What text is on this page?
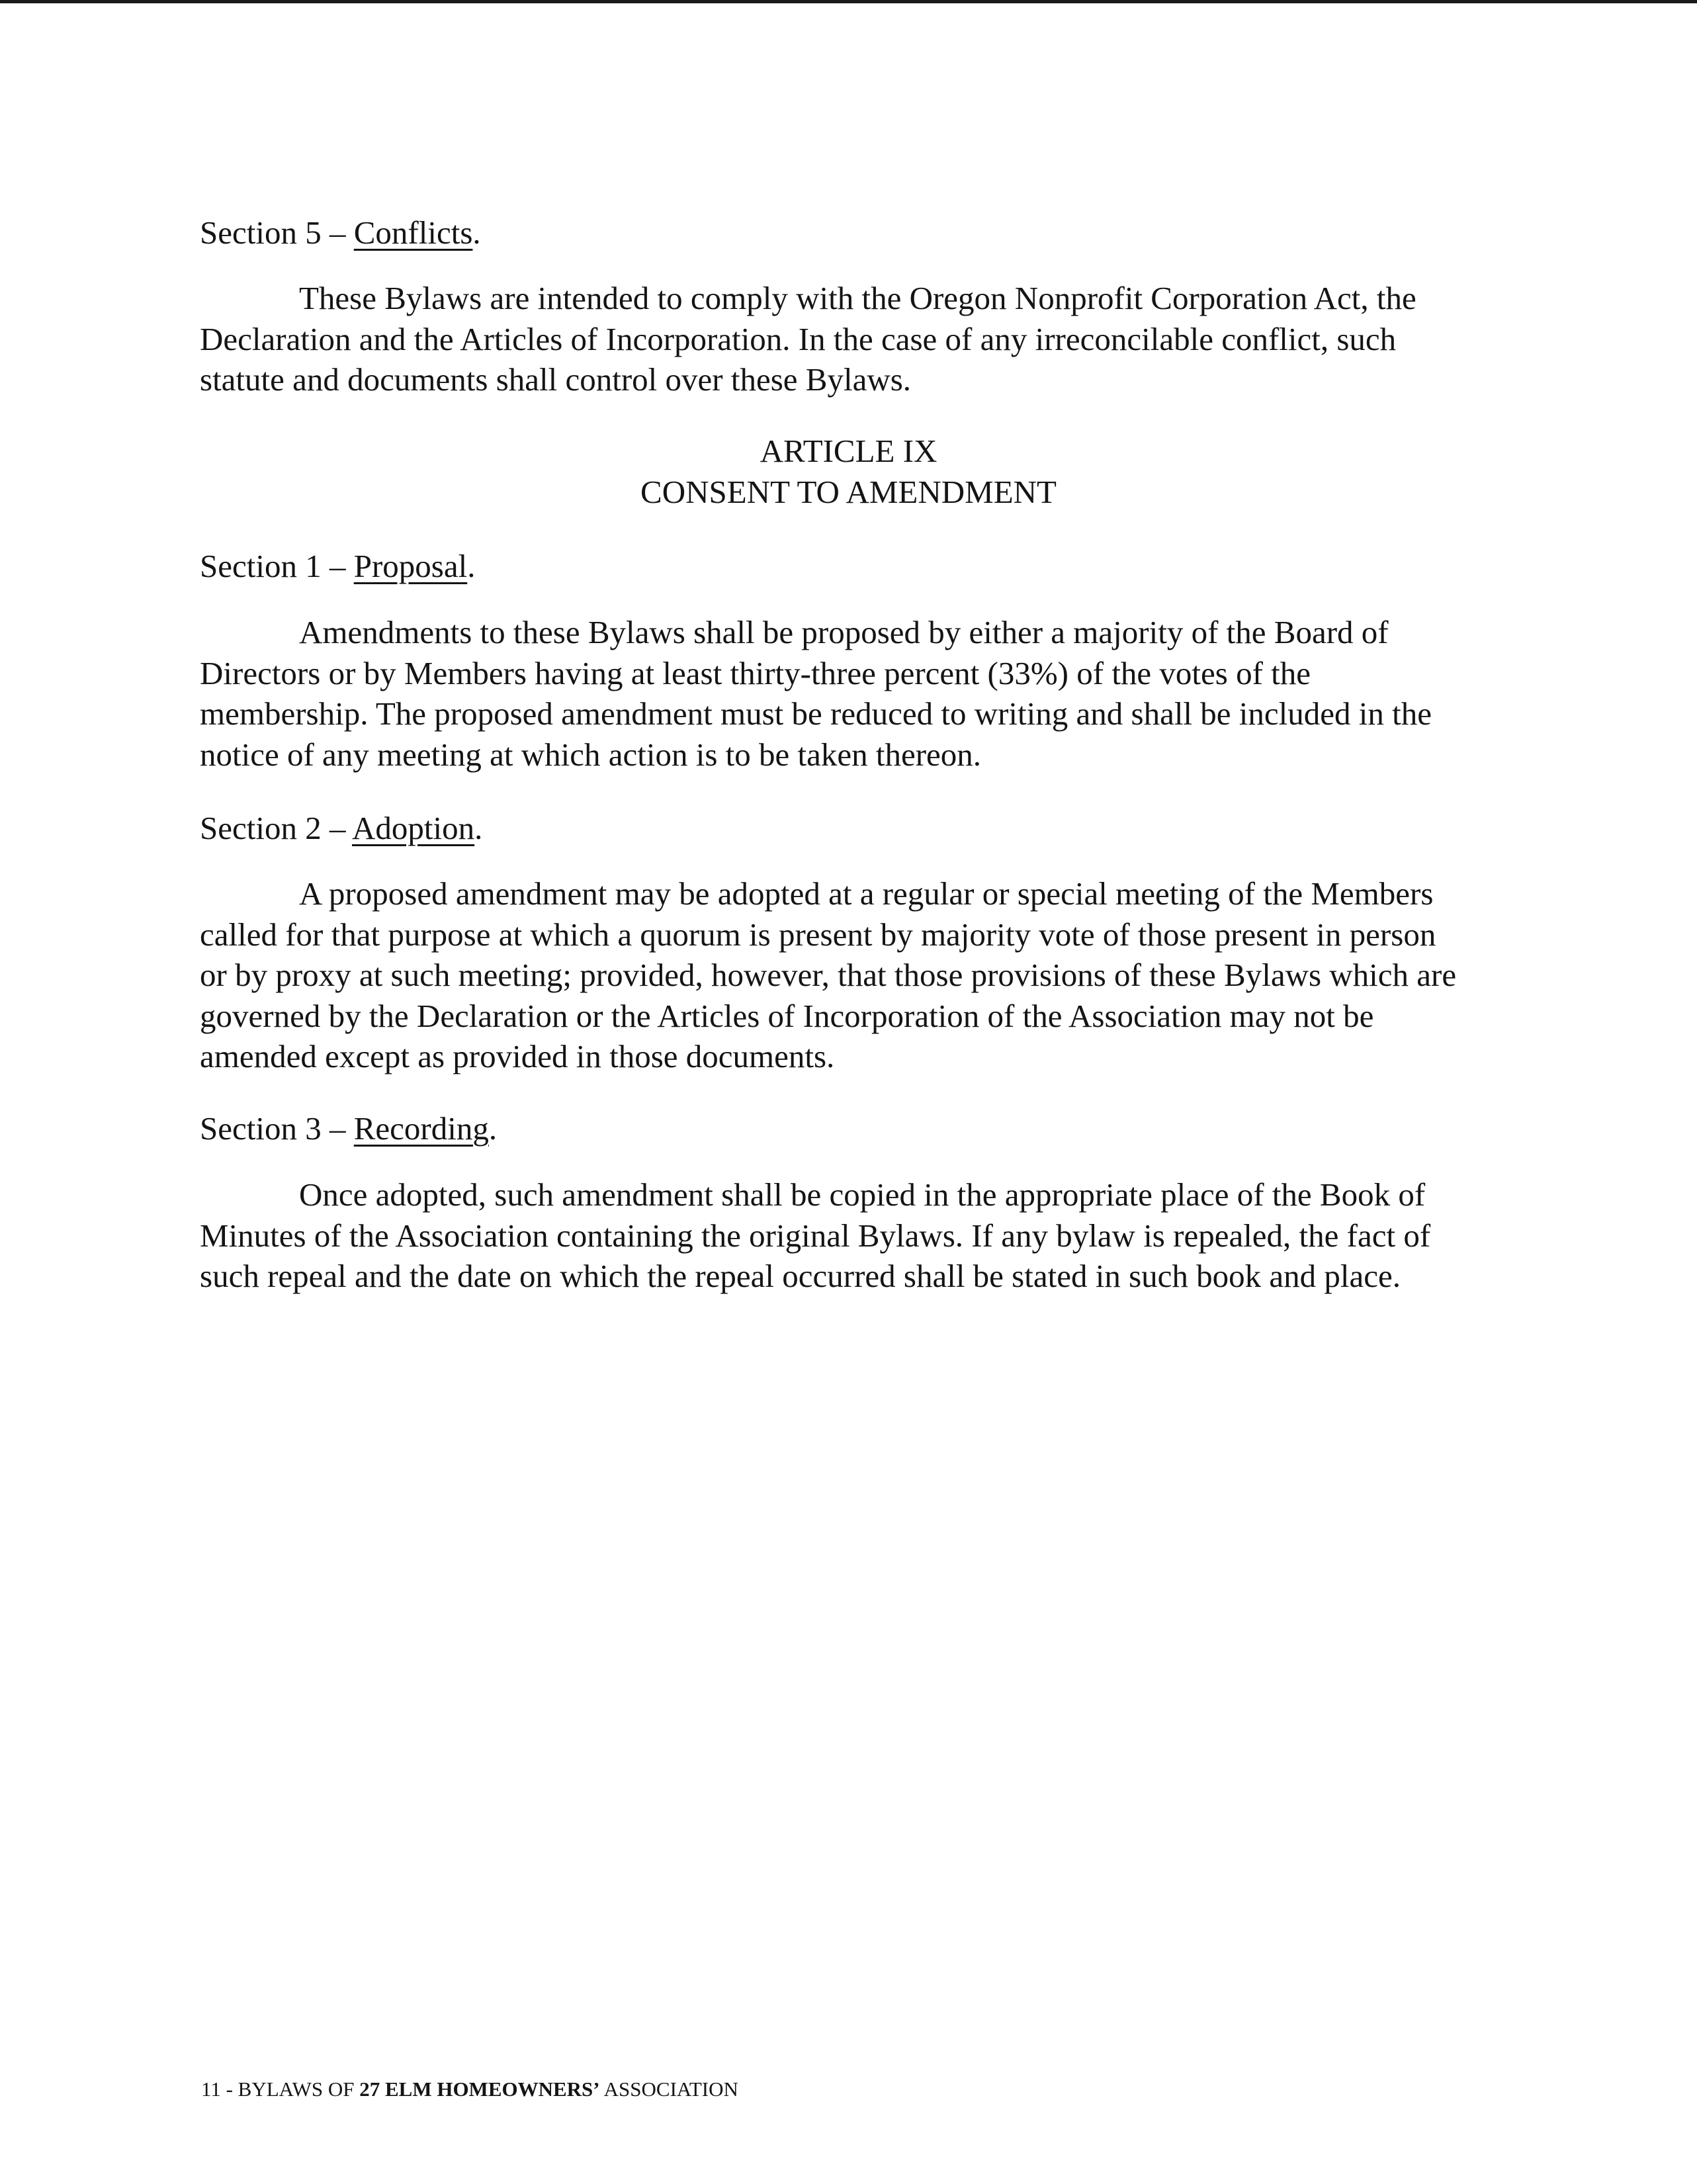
Section 5 – Conflicts.
These Bylaws are intended to comply with the Oregon Nonprofit Corporation Act, the
Declaration and the Articles of Incorporation. In the case of any irreconcilable conflict, such
statute and documents shall control over these Bylaws.
ARTICLE IX
CONSENT TO AMENDMENT
Section 1 – Proposal.
Amendments to these Bylaws shall be proposed by either a majority of the Board of
Directors or by Members having at least thirty-three percent (33%) of the votes of the
membership. The proposed amendment must be reduced to writing and shall be included in the
notice of any meeting at which action is to be taken thereon.
Section 2 – Adoption.
A proposed amendment may be adopted at a regular or special meeting of the Members
called for that purpose at which a quorum is present by majority vote of those present in person
or by proxy at such meeting; provided, however, that those provisions of these Bylaws which are
governed by the Declaration or the Articles of Incorporation of the Association may not be
amended except as provided in those documents.
Section 3 – Recording.
Once adopted, such amendment shall be copied in the appropriate place of the Book of
Minutes of the Association containing the original Bylaws. If any bylaw is repealed, the fact of
such repeal and the date on which the repeal occurred shall be stated in such book and place.
11 - BYLAWS OF 27 ELM HOMEOWNERS’ ASSOCIATION
